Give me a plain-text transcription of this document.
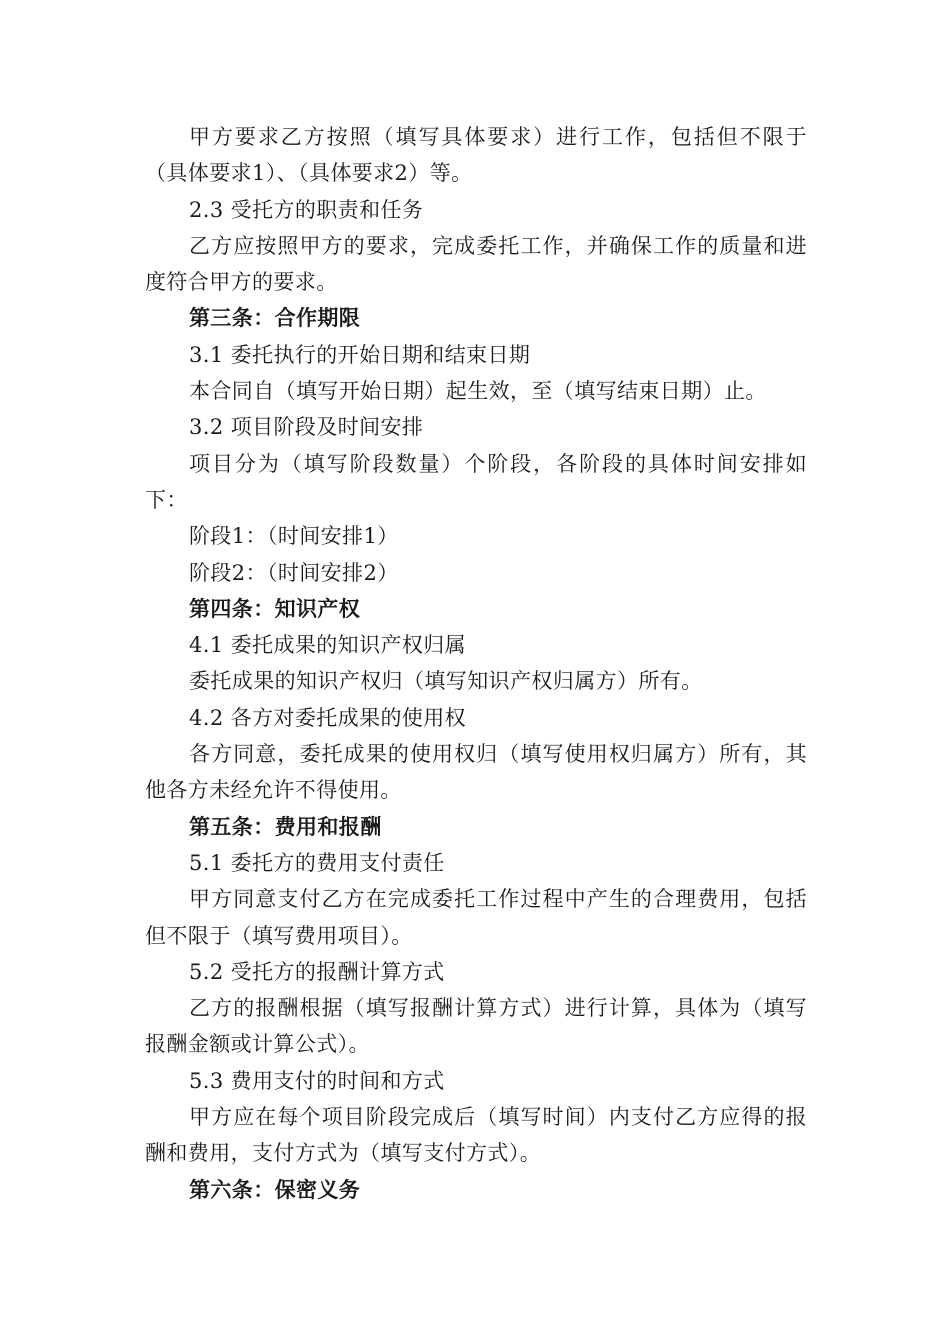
甲方要求乙方按照（填写具体要求）进行工作，包括但不限于（具体要求1）、（具体要求2）等。

2.3 受托方的职责和任务

乙方应按照甲方的要求，完成委托工作，并确保工作的质量和进度符合甲方的要求。

第三条：合作期限

3.1 委托执行的开始日期和结束日期

本合同自（填写开始日期）起生效，至（填写结束日期）止。

3.2 项目阶段及时间安排

项目分为（填写阶段数量）个阶段，各阶段的具体时间安排如下：

阶段1：（时间安排1）

阶段2：（时间安排2）

第四条：知识产权

4.1 委托成果的知识产权归属

委托成果的知识产权归（填写知识产权归属方）所有。

4.2 各方对委托成果的使用权

各方同意，委托成果的使用权归（填写使用权归属方）所有，其他各方未经允许不得使用。

第五条：费用和报酬

5.1 委托方的费用支付责任

甲方同意支付乙方在完成委托工作过程中产生的合理费用，包括但不限于（填写费用项目）。

5.2 受托方的报酬计算方式

乙方的报酬根据（填写报酬计算方式）进行计算，具体为（填写报酬金额或计算公式）。

5.3 费用支付的时间和方式

甲方应在每个项目阶段完成后（填写时间）内支付乙方应得的报酬和费用，支付方式为（填写支付方式）。

第六条：保密义务
